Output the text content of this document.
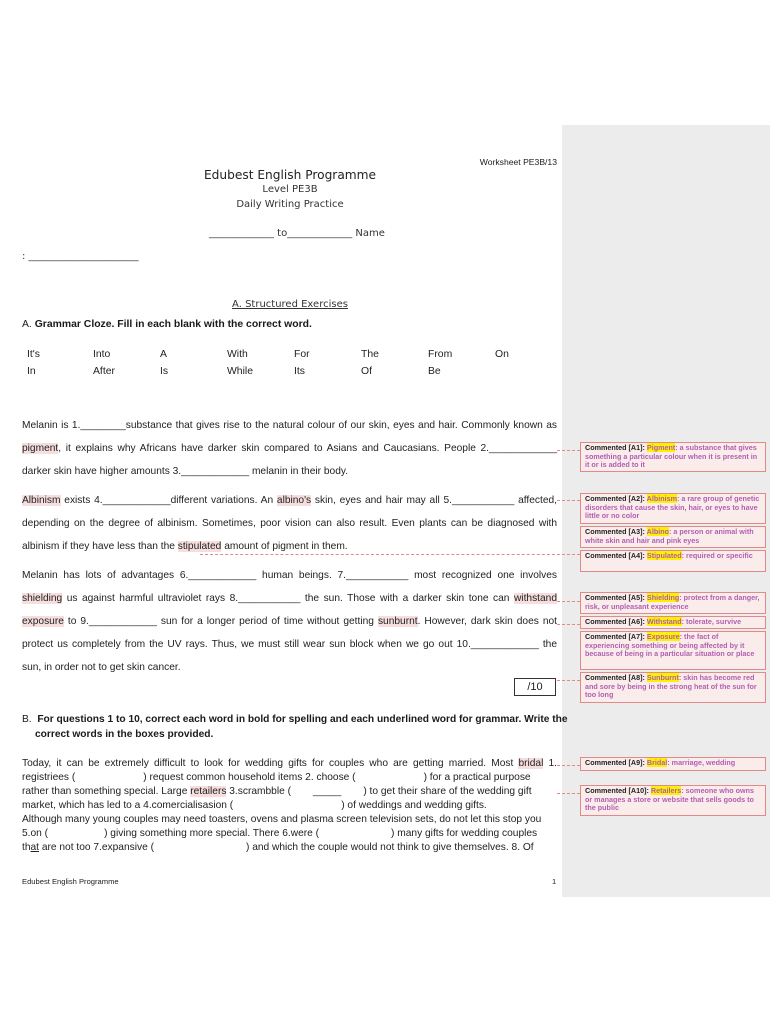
Worksheet PE3B/13
Edubest English Programme
Level PE3B
Daily Writing Practice
_____________ to_____________ Name
: ______________________
A. Structured Exercises
A. Grammar Cloze. Fill in each blank with the correct word.
It's	Into	A	With	For	The	From	On
In	After	Is	While	Its	Of	Be
Melanin is 1.________substance that gives rise to the natural colour of our skin, eyes and hair. Commonly known as
pigment, it explains why Africans have darker skin compared to Asians and Caucasians. People 2.____________
darker skin have higher amounts 3.____________ melanin in their body.
Albinism exists 4.____________different variations. An albino's skin, eyes and hair may all 5.___________ affected,
depending on the degree of albinism. Sometimes, poor vision can also result. Even plants can be diagnosed with
albinism if they have less than the stipulated amount of pigment in them.
Melanin has lots of advantages 6.____________ human beings. 7.___________ most recognized one involves
shielding us against harmful ultraviolet rays 8.___________ the sun. Those with a darker skin tone can withstand
exposure to 9.____________ sun for a longer period of time without getting sunburnt. However, dark skin does not
protect us completely from the UV rays. Thus, we must still wear sun block when we go out 10.____________ the
sun, in order not to get skin cancer.
/10
B. For questions 1 to 10, correct each word in bold for spelling and each underlined word for grammar. Write the
correct words in the boxes provided.
Today, it can be extremely difficult to look for wedding gifts for couples who are getting married. Most bridal 1.
registriees (	) request common household items 2. choose (	) for a practical purpose
rather than something special. Large retailers 3.scrambble ( _____ ) to get their share of the wedding gift
market, which has led to a 4.comercialisasion (	) of weddings and wedding gifts.
Although many young couples may need toasters, ovens and plasma screen television sets, do not let this stop you
5.on (	) giving something more special. There 6.were (	) many gifts for wedding couples
that are not too 7.expansive (	) and which the couple would not think to give themselves. 8. Of
Edubest English Programme	1
Commented [A1]: Pigment: a substance that gives something a particular colour when it is present in it or is added to it
Commented [A2]: Albinism: a rare group of genetic disorders that cause the skin, hair, or eyes to have little or no color
Commented [A3]: Albino: a person or animal with white skin and hair and pink eyes
Commented [A4]: Stipulated: required or specific
Commented [A5]: Shielding: protect from a danger, risk, or unpleasant experience
Commented [A6]: Withstand: tolerate, survive
Commented [A7]: Exposure: the fact of experiencing something or being affected by it because of being in a particular situation or place
Commented [A8]: Sunburnt: skin has become red and sore by being in the strong heat of the sun for too long
Commented [A9]: Bridal: marriage, wedding
Commented [A10]: Retailers: someone who owns or manages a store or website that sells goods to the public
